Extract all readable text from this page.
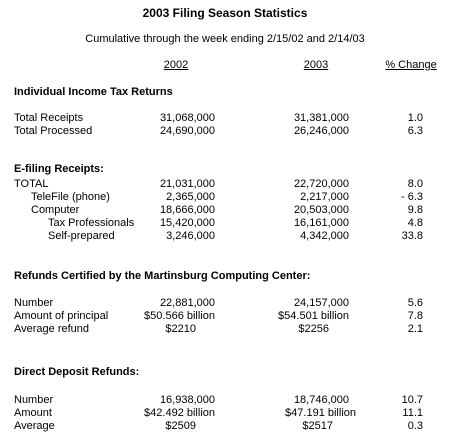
2003 Filing Season Statistics
Cumulative through the week ending 2/15/02 and 2/14/03
2002	2003	% Change
Individual Income Tax Returns
Total Receipts	31,068,000	31,381,000	1.0
Total Processed	24,690,000	26,246,000	6.3
E-filing Receipts:
TOTAL	21,031,000	22,720,000	8.0
TeleFile (phone)	2,365,000	2,217,000	- 6.3
Computer	18,666,000	20,503,000	9.8
Tax Professionals 15,420,000	16,161,000	4.8
Self-prepared	3,246,000	4,342,000	33.8
Refunds Certified by the Martinsburg Computing Center:
Number	22,881,000	24,157,000	5.6
Amount of principal	$50.566 billion	$54.501 billion	7.8
Average refund	$2210	$2256	2.1
Direct Deposit Refunds:
Number	16,938,000	18,746,000	10.7
Amount	$42.492 billion	$47.191 billion	11.1
Average	$2509	$2517	0.3
